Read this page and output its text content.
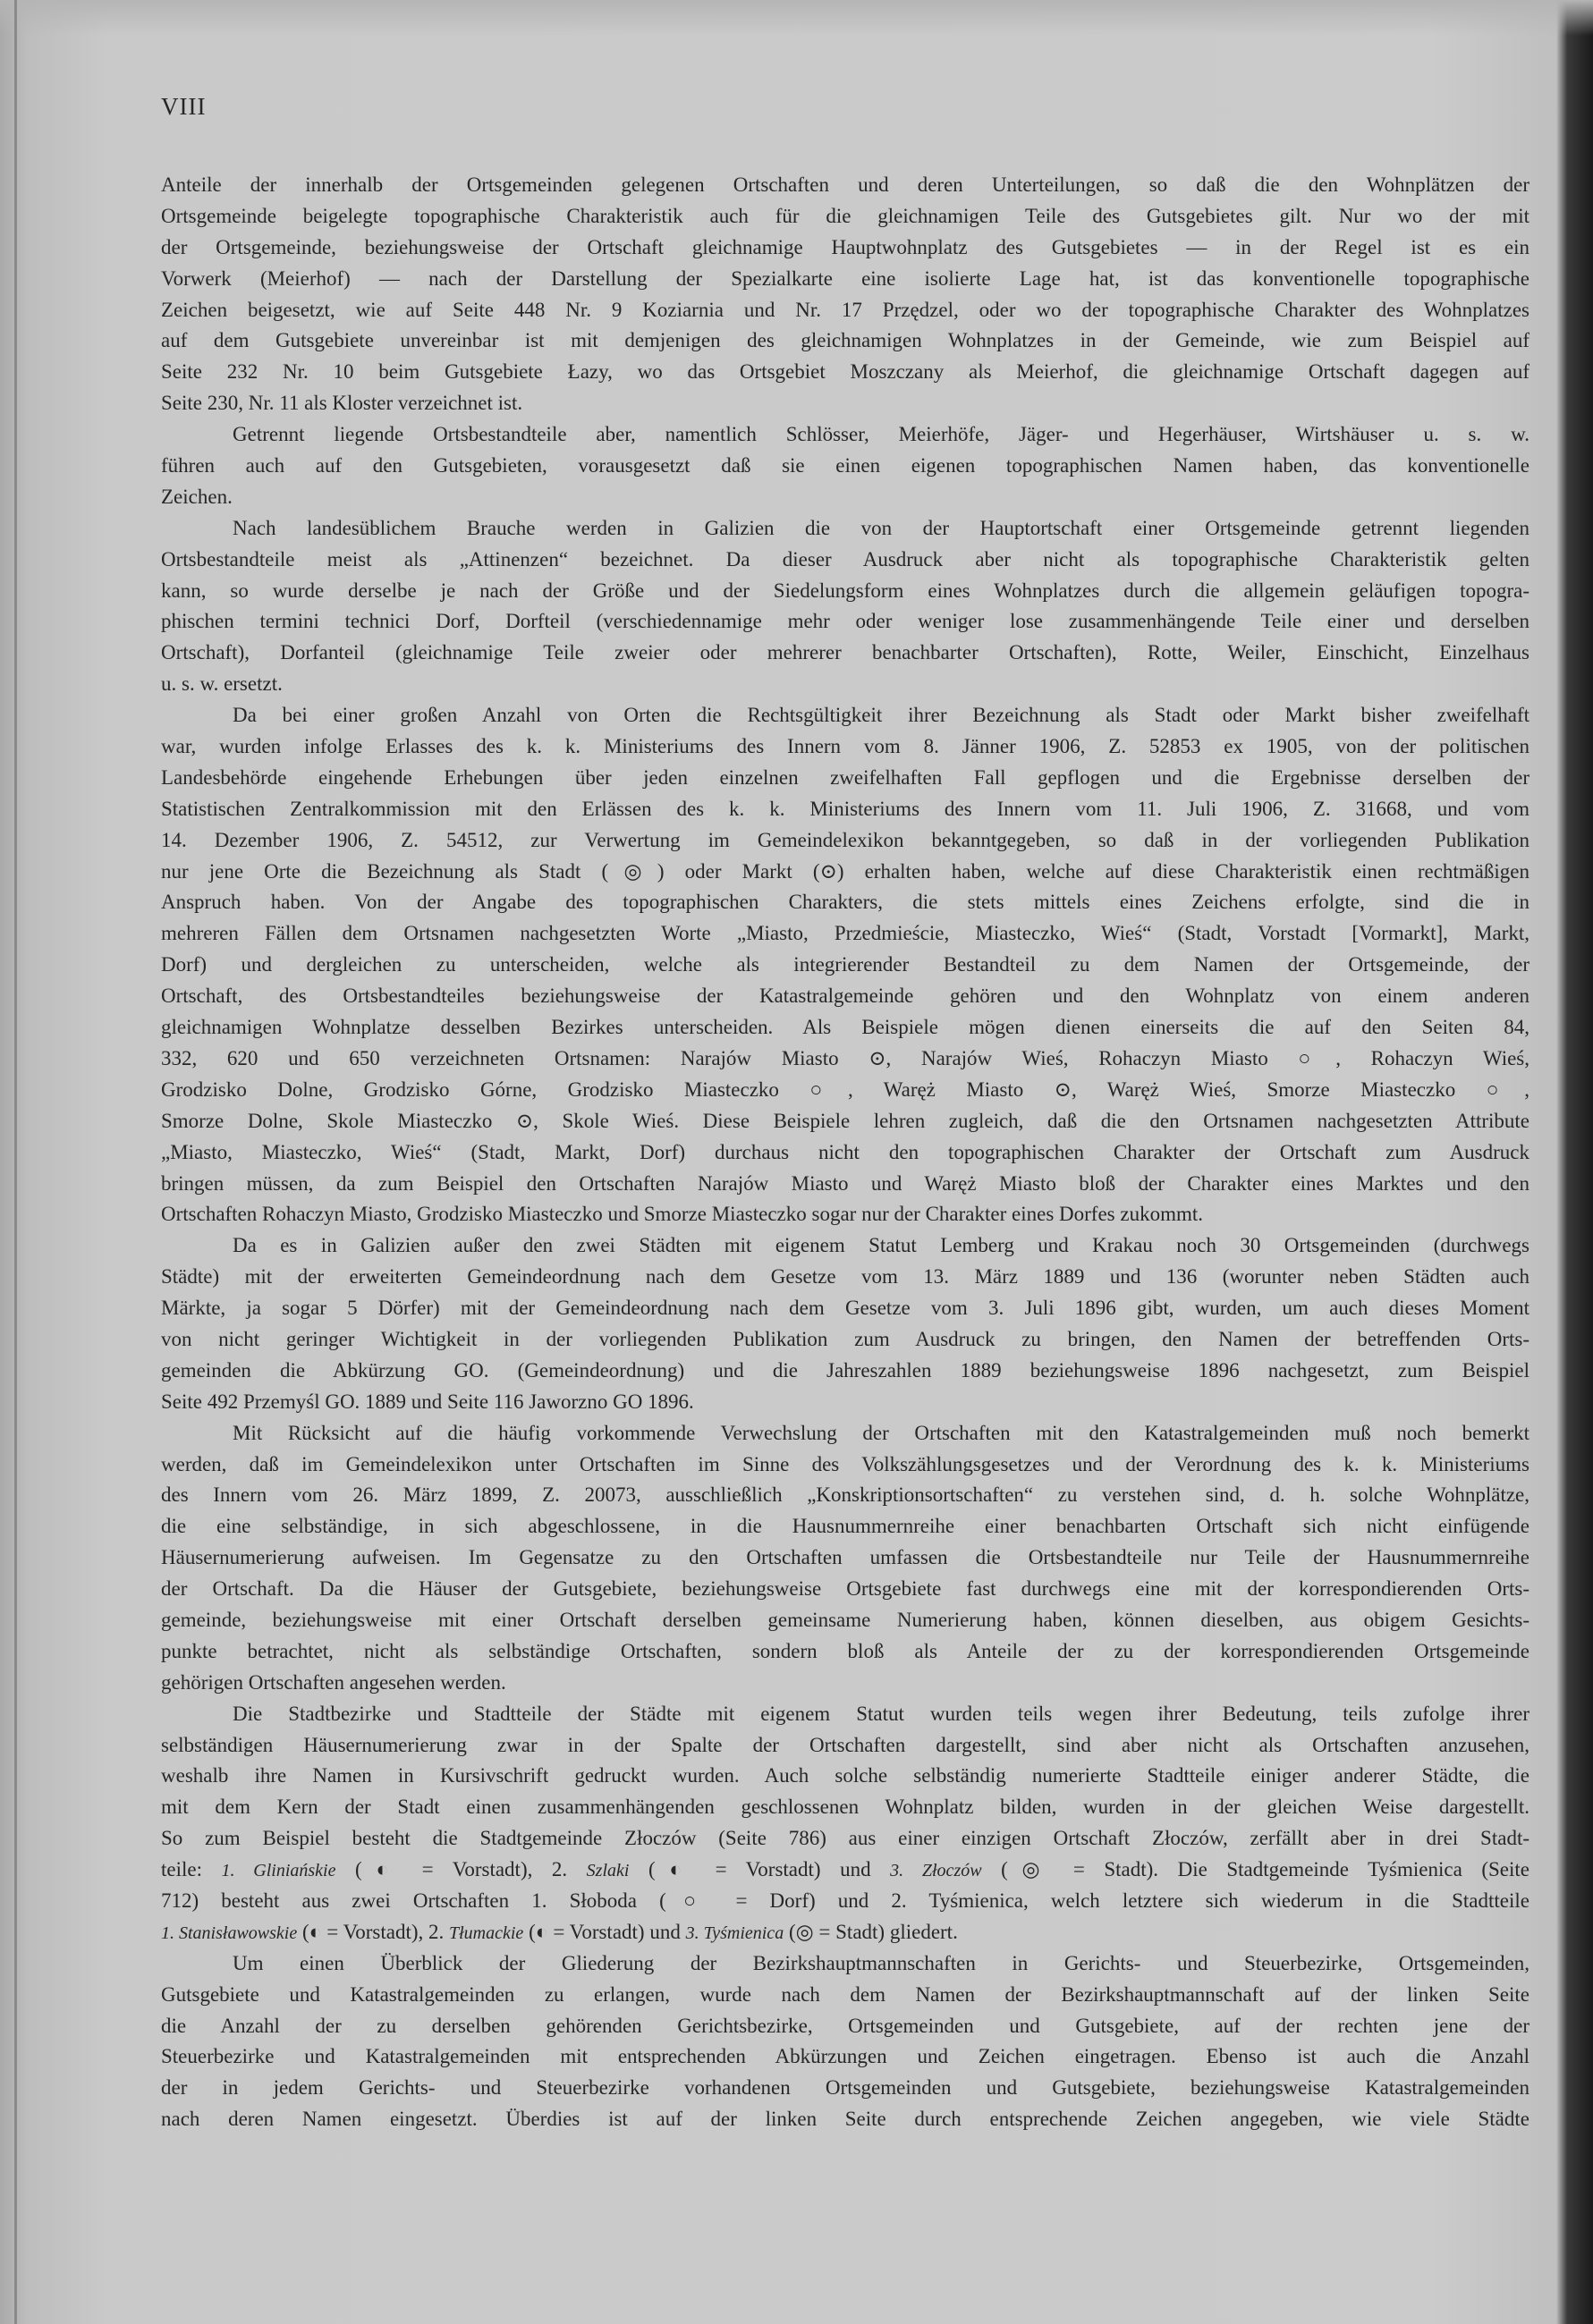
VIII
Anteile der innerhalb der Ortsgemeinden gelegenen Ortschaften und deren Unterteilungen, so daß die den Wohnplätzen der
Ortsgemeinde beigelegte topographische Charakteristik auch für die gleichnamigen Teile des Gutsgebietes gilt. Nur wo der mit
der Ortsgemeinde, beziehungsweise der Ortschaft gleichnamige Hauptwohnplatz des Gutsgebietes — in der Regel ist es ein
Vorwerk (Meierhof) — nach der Darstellung der Spezialkarte eine isolierte Lage hat, ist das konventionelle topographische
Zeichen beigesetzt, wie auf Seite 448 Nr. 9 Koziarnia und Nr. 17 Przędzel, oder wo der topographische Charakter des Wohnplatzes
auf dem Gutsgebiete unvereinbar ist mit demjenigen des gleichnamigen Wohnplatzes in der Gemeinde, wie zum Beispiel auf
Seite 232 Nr. 10 beim Gutsgebiete Łazy, wo das Ortsgebiet Moszczany als Meierhof, die gleichnamige Ortschaft dagegen auf
Seite 230, Nr. 11 als Kloster verzeichnet ist.
Getrennt liegende Ortsbestandteile aber, namentlich Schlösser, Meierhöfe, Jäger- und Hegerhäuser, Wirtshäuser u. s. w.
führen auch auf den Gutsgebieten, vorausgesetzt daß sie einen eigenen topographischen Namen haben, das konventionelle
Zeichen.
Nach landesüblichem Brauche werden in Galizien die von der Hauptortschaft einer Ortsgemeinde getrennt liegenden
Ortsbestandteile meist als „Attinenzen“ bezeichnet. Da dieser Ausdruck aber nicht als topographische Charakteristik gelten
kann, so wurde derselbe je nach der Größe und der Siedelungsform eines Wohnplatzes durch die allgemein geläufigen topogra-
phischen termini technici Dorf, Dorfteil (verschiedennamige mehr oder weniger lose zusammenhängende Teile einer und derselben
Ortschaft), Dorfanteil (gleichnamige Teile zweier oder mehrerer benachbarter Ortschaften), Rotte, Weiler, Einschicht, Einzelhaus
u. s. w. ersetzt.
Da bei einer großen Anzahl von Orten die Rechtsgültigkeit ihrer Bezeichnung als Stadt oder Markt bisher zweifelhaft
war, wurden infolge Erlasses des k. k. Ministeriums des Innern vom 8. Jänner 1906, Z. 52853 ex 1905, von der politischen
Landesbehörde eingehende Erhebungen über jeden einzelnen zweifelhaften Fall gepflogen und die Ergebnisse derselben der
Statistischen Zentralkommission mit den Erlässen des k. k. Ministeriums des Innern vom 11. Juli 1906, Z. 31668, und vom
14. Dezember 1906, Z. 54512, zur Verwertung im Gemeindelexikon bekanntgegeben, so daß in der vorliegenden Publikation
nur jene Orte die Bezeichnung als Stadt (◎) oder Markt (⊙) erhalten haben, welche auf diese Charakteristik einen rechtmäßigen
Anspruch haben. Von der Angabe des topographischen Charakters, die stets mittels eines Zeichens erfolgte, sind die in
mehreren Fällen dem Ortsnamen nachgesetzten Worte „Miasto, Przedmieście, Miasteczko, Wieś“ (Stadt, Vorstadt [Vormarkt], Markt,
Dorf) und dergleichen zu unterscheiden, welche als integrierender Bestandteil zu dem Namen der Ortsgemeinde, der
Ortschaft, des Ortsbestandteiles beziehungsweise der Katastralgemeinde gehören und den Wohnplatz von einem anderen
gleichnamigen Wohnplatze desselben Bezirkes unterscheiden. Als Beispiele mögen dienen einerseits die auf den Seiten 84,
332, 620 und 650 verzeichneten Ortsnamen: Narajów Miasto ⊙, Narajów Wieś, Rohaczyn Miasto ○, Rohaczyn Wieś,
Grodzisko Dolne, Grodzisko Górne, Grodzisko Miasteczko ○, Waręż Miasto ⊙, Waręż Wieś, Smorze Miasteczko ○,
Smorze Dolne, Skole Miasteczko ⊙, Skole Wieś. Diese Beispiele lehren zugleich, daß die den Ortsnamen nachgesetzten Attribute
„Miasto, Miasteczko, Wieś“ (Stadt, Markt, Dorf) durchaus nicht den topographischen Charakter der Ortschaft zum Ausdruck
bringen müssen, da zum Beispiel den Ortschaften Narajów Miasto und Waręż Miasto bloß der Charakter eines Marktes und den
Ortschaften Rohaczyn Miasto, Grodzisko Miasteczko und Smorze Miasteczko sogar nur der Charakter eines Dorfes zukommt.
Da es in Galizien außer den zwei Städten mit eigenem Statut Lemberg und Krakau noch 30 Ortsgemeinden (durchwegs
Städte) mit der erweiterten Gemeindeordnung nach dem Gesetze vom 13. März 1889 und 136 (worunter neben Städten auch
Märkte, ja sogar 5 Dörfer) mit der Gemeindeordnung nach dem Gesetze vom 3. Juli 1896 gibt, wurden, um auch dieses Moment
von nicht geringer Wichtigkeit in der vorliegenden Publikation zum Ausdruck zu bringen, den Namen der betreffenden Orts-
gemeinden die Abkürzung GO. (Gemeindeordnung) und die Jahreszahlen 1889 beziehungsweise 1896 nachgesetzt, zum Beispiel
Seite 492 Przemyśl GO. 1889 und Seite 116 Jaworzno GO 1896.
Mit Rücksicht auf die häufig vorkommende Verwechslung der Ortschaften mit den Katastralgemeinden muß noch bemerkt
werden, daß im Gemeindelexikon unter Ortschaften im Sinne des Volkszählungsgesetzes und der Verordnung des k. k. Ministeriums
des Innern vom 26. März 1899, Z. 20073, ausschließlich „Konskriptionsortschaften“ zu verstehen sind, d. h. solche Wohnplätze,
die eine selbständige, in sich abgeschlossene, in die Hausnummernreihe einer benachbarten Ortschaft sich nicht einfügende
Häusernumerierung aufweisen. Im Gegensatze zu den Ortschaften umfassen die Ortsbestandteile nur Teile der Hausnummernreihe
der Ortschaft. Da die Häuser der Gutsgebiete, beziehungsweise Ortsgebiete fast durchwegs eine mit der korrespondierenden Orts-
gemeinde, beziehungsweise mit einer Ortschaft derselben gemeinsame Numerierung haben, können dieselben, aus obigem Gesichts-
punkte betrachtet, nicht als selbständige Ortschaften, sondern bloß als Anteile der zu der korrespondierenden Ortsgemeinde
gehörigen Ortschaften angesehen werden.
Die Stadtbezirke und Stadtteile der Städte mit eigenem Statut wurden teils wegen ihrer Bedeutung, teils zufolge ihrer
selbständigen Häusernumerierung zwar in der Spalte der Ortschaften dargestellt, sind aber nicht als Ortschaften anzusehen,
weshalb ihre Namen in Kursivschrift gedruckt wurden. Auch solche selbständig numerierte Stadtteile einiger anderer Städte, die
mit dem Kern der Stadt einen zusammenhängenden geschlossenen Wohnplatz bilden, wurden in der gleichen Weise dargestellt.
So zum Beispiel besteht die Stadtgemeinde Złoczów (Seite 786) aus einer einzigen Ortschaft Złoczów, zerfällt aber in drei Stadt-
teile: 1. Gliniańskie (◐ = Vorstadt), 2. Szlaki (◐ = Vorstadt) und 3. Złoczów (◎ = Stadt). Die Stadtgemeinde Tyśmienica (Seite
712) besteht aus zwei Ortschaften 1. Słoboda (○ = Dorf) und 2. Tyśmienica, welch letztere sich wiederum in die Stadtteile
1. Stanisławowskie (◐ = Vorstadt), 2. Tłumackie (◐ = Vorstadt) und 3. Tyśmienica (◎ = Stadt) gliedert.
Um einen Überblick der Gliederung der Bezirkshauptmannschaften in Gerichts- und Steuerbezirke, Ortsgemeinden,
Gutsgebiete und Katastralgemeinden zu erlangen, wurde nach dem Namen der Bezirkshauptmannschaft auf der linken Seite
die Anzahl der zu derselben gehörenden Gerichtsbezirke, Ortsgemeinden und Gutsgebiete, auf der rechten jene der
Steuerbezirke und Katastralgemeinden mit entsprechenden Abkürzungen und Zeichen eingetragen. Ebenso ist auch die Anzahl
der in jedem Gerichts- und Steuerbezirke vorhandenen Ortsgemeinden und Gutsgebiete, beziehungsweise Katastralgemeinden
nach deren Namen eingesetzt. Überdies ist auf der linken Seite durch entsprechende Zeichen angegeben, wie viele Städte
